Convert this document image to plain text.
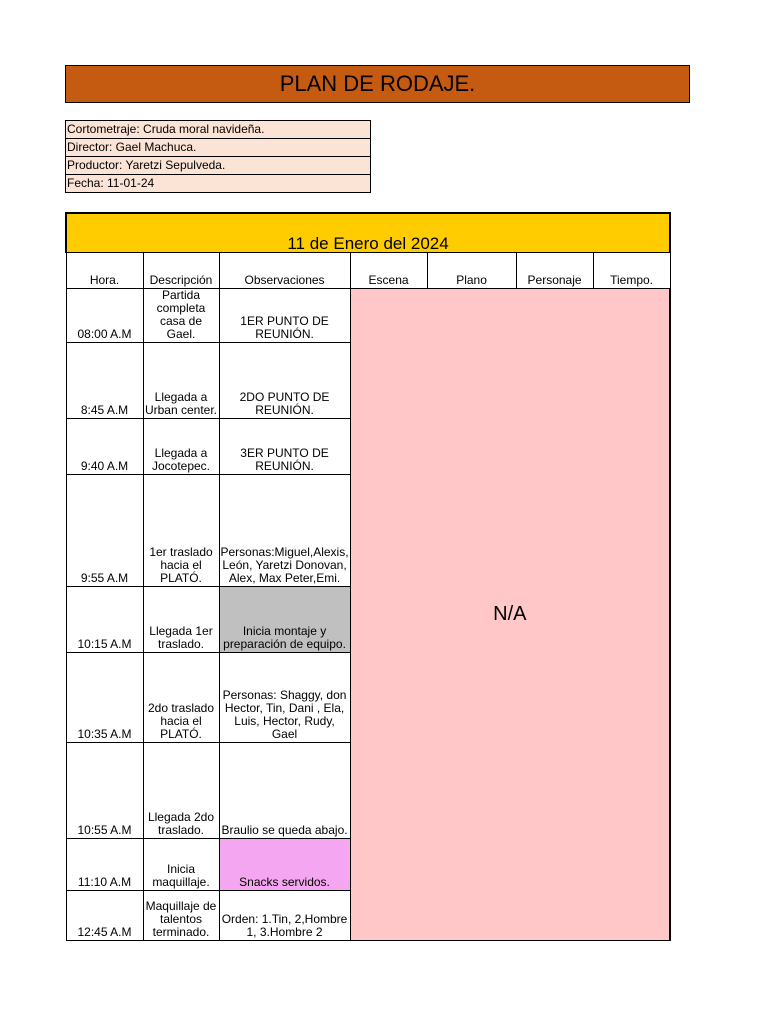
PLAN DE RODAJE.
Cortometraje: Cruda moral navideña.
Director: Gael Machuca.
Productor: Yaretzi Sepulveda.
Fecha: 11-01-24
11 de Enero del 2024						
Hora.	Descripción	Observaciones	Escena	Plano	Personaje	Tiempo.
08:00 A.M	Partida completa casa de Gael.	1ER PUNTO DE REUNIÓN.	N/A			
8:45 A.M	Llegada a Urban center.	2DO PUNTO DE REUNIÓN.				

9:40 A.M	Llegada a Jocotepec.	3ER PUNTO DE REUNIÓN.				

9:55 A.M	1er traslado hacia el PLATÓ.	Personas:Miguel,Alexis, León, Yaretzi Donovan, Alex, Max Peter,Emi.				

10:15 A.M	Llegada 1er traslado.	Inicia montaje y preparación de equipo.				

10:35 A.M	2do traslado hacia el PLATÓ.	Personas: Shaggy, don Hector, Tin, Dani , Ela, Luis, Hector, Rudy, Gael				

10:55 A.M	Llegada 2do traslado.	Braulio se queda abajo.				

11:10 A.M	Inicia maquillaje.	Snacks servidos.				

12:45 A.M	Maquillaje de talentos terminado.	Orden: 1.Tin, 2,Hombre 1, 3.Hombre 2				
